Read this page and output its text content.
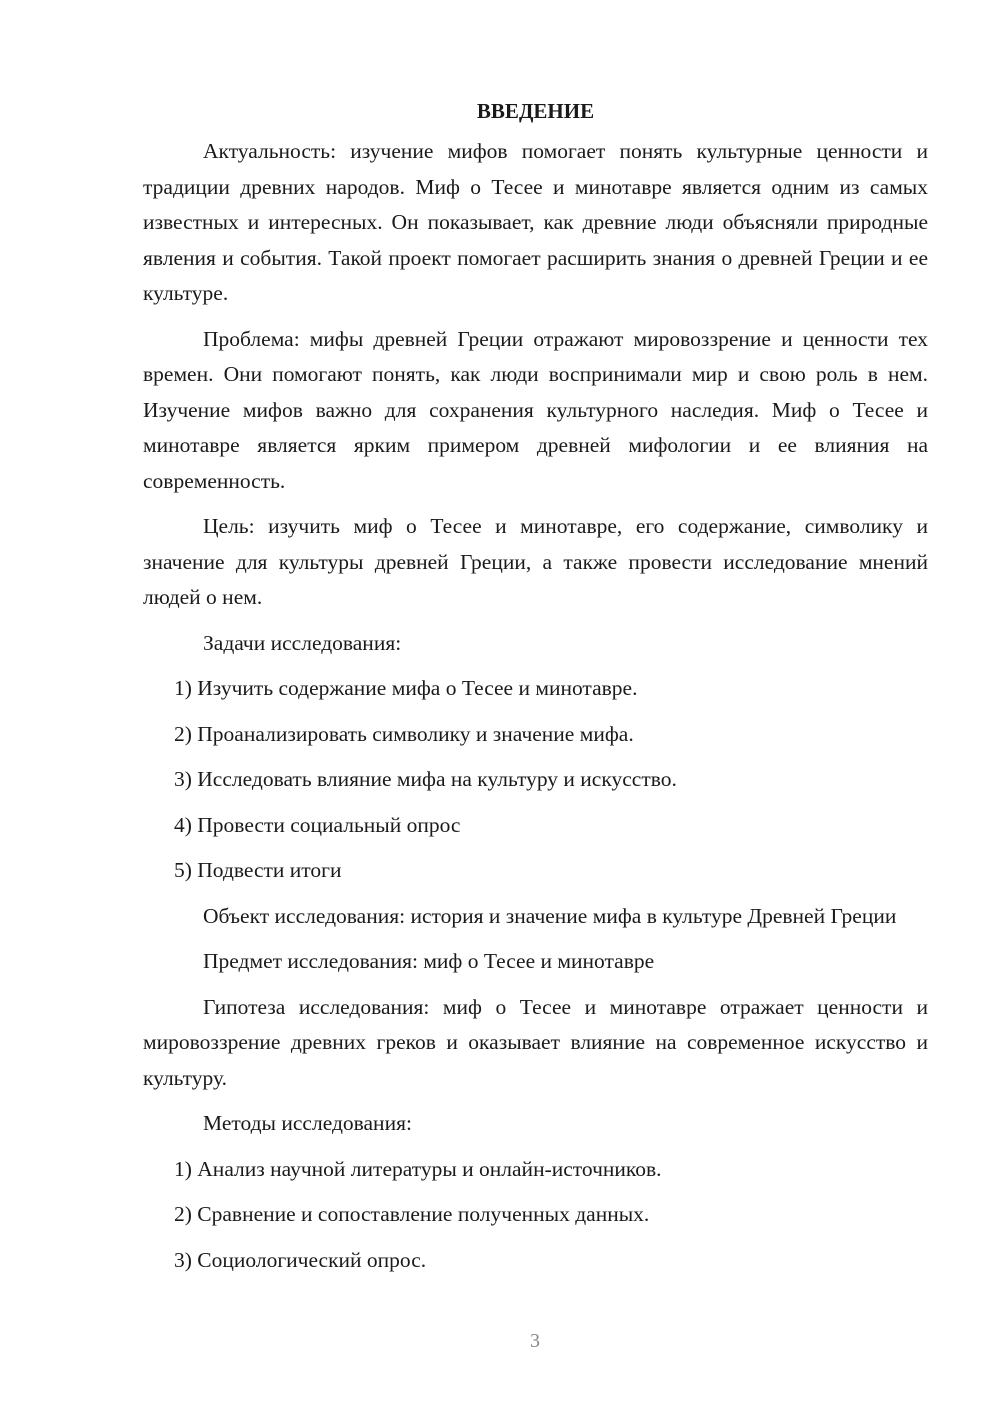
ВВЕДЕНИЕ

Актуальность: изучение мифов помогает понять культурные ценности и традиции древних народов. Миф о Тесее и минотавре является одним из самых известных и интересных. Он показывает, как древние люди объясняли природные явления и события. Такой проект помогает расширить знания о древней Греции и ее культуре.

Проблема: мифы древней Греции отражают мировоззрение и ценности тех времен. Они помогают понять, как люди воспринимали мир и свою роль в нем. Изучение мифов важно для сохранения культурного наследия. Миф о Тесее и минотавре является ярким примером древней мифологии и ее влияния на современность.

Цель: изучить миф о Тесее и минотавре, его содержание, символику и значение для культуры древней Греции, а также провести исследование мнений людей о нем.

Задачи исследования:

1) Изучить содержание мифа о Тесее и минотавре.

2) Проанализировать символику и значение мифа.

3) Исследовать влияние мифа на культуру и искусство.

4) Провести социальный опрос

5) Подвести итоги

Объект исследования: история и значение мифа в культуре Древней Греции

Предмет исследования: миф о Тесее и минотавре

Гипотеза исследования: миф о Тесее и минотавре отражает ценности и мировоззрение древних греков и оказывает влияние на современное искусство и культуру.

Методы исследования:

1) Анализ научной литературы и онлайн-источников.

2) Сравнение и сопоставление полученных данных.

3) Социологический опрос.

3
